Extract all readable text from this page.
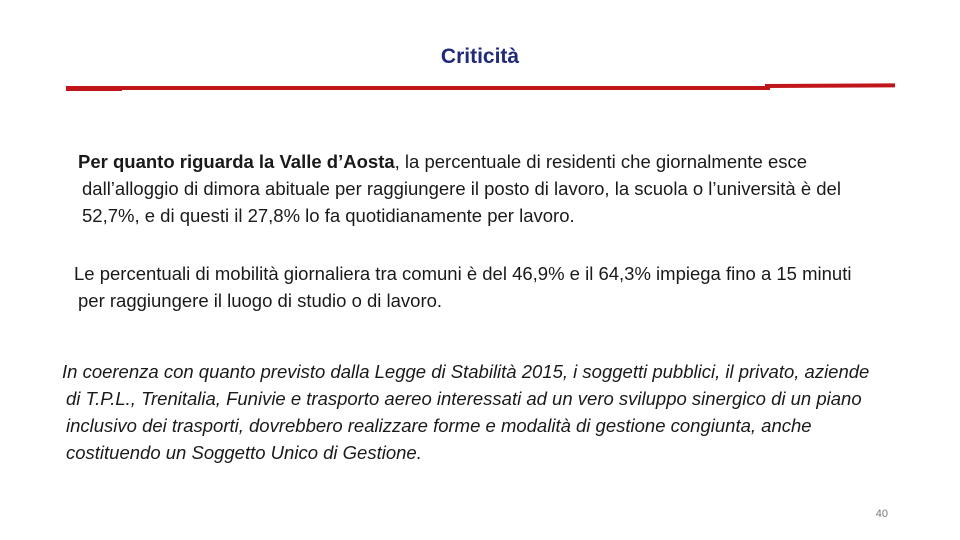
Criticità
Per quanto riguarda la Valle d’Aosta, la percentuale di residenti che giornalmente esce dall’alloggio di dimora abituale per raggiungere il posto di lavoro, la scuola o l’università è del 52,7%, e di questi il 27,8% lo fa quotidianamente per lavoro.
Le percentuali di mobilità giornaliera tra comuni è del 46,9% e il 64,3% impiega fino a 15 minuti per raggiungere il luogo di studio o di lavoro.
In coerenza con quanto previsto dalla Legge di Stabilità 2015, i soggetti pubblici, il privato, aziende di T.P.L., Trenitalia, Funivie e trasporto aereo interessati ad un vero sviluppo sinergico di un piano inclusivo dei trasporti, dovrebbero realizzare forme e modalità di gestione congiunta, anche costituendo un Soggetto Unico di Gestione.
40
